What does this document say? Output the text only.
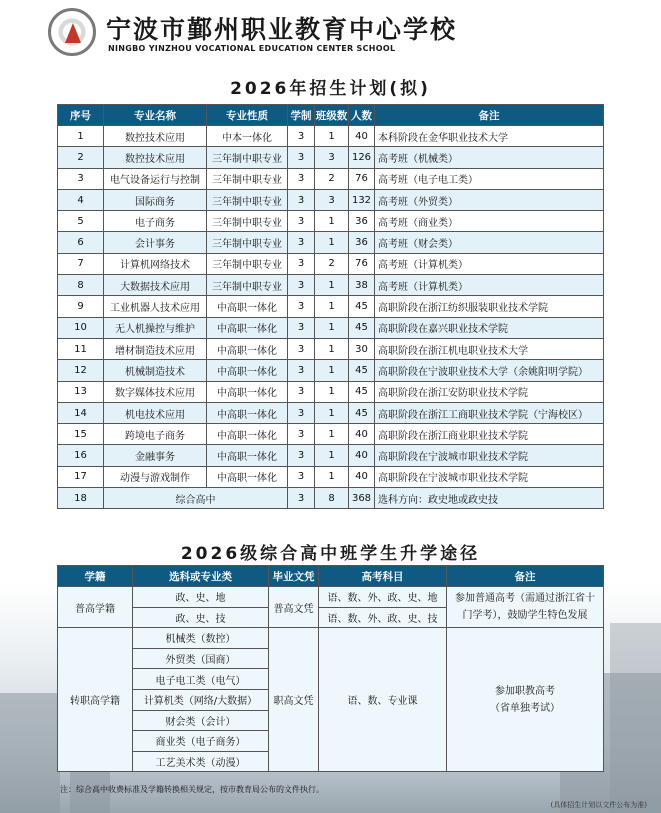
宁波市鄞州职业教育中心学校
NINGBO YINZHOU VOCATIONAL EDUCATION CENTER SCHOOL
2026年招生计划(拟)
序号	专业名称	专业性质	学制	班级数	人数	备注
1	数控技术应用	中本一体化	3	1	40	本科阶段在金华职业技术大学
2	数控技术应用	三年制中职专业	3	3	126	高考班（机械类）
3	电气设备运行与控制	三年制中职专业	3	2	76	高考班（电子电工类）
4	国际商务	三年制中职专业	3	3	132	高考班（外贸类）
5	电子商务	三年制中职专业	3	1	36	高考班（商业类）
6	会计事务	三年制中职专业	3	1	36	高考班（财会类）
7	计算机网络技术	三年制中职专业	3	2	76	高考班（计算机类）
8	大数据技术应用	三年制中职专业	3	1	38	高考班（计算机类）
9	工业机器人技术应用	中高职一体化	3	1	45	高职阶段在浙江纺织服装职业技术学院
10	无人机操控与维护	中高职一体化	3	1	45	高职阶段在嘉兴职业技术学院
11	增材制造技术应用	中高职一体化	3	1	30	高职阶段在浙江机电职业技术大学
12	机械制造技术	中高职一体化	3	1	45	高职阶段在宁波职业技术大学（余姚阳明学院）
13	数字媒体技术应用	中高职一体化	3	1	45	高职阶段在浙江安防职业技术学院
14	机电技术应用	中高职一体化	3	1	45	高职阶段在浙江工商职业技术学院（宁海校区）
15	跨境电子商务	中高职一体化	3	1	40	高职阶段在浙江商业职业技术学院
16	金融事务	中高职一体化	3	1	40	高职阶段在宁波城市职业技术学院
17	动漫与游戏制作	中高职一体化	3	1	40	高职阶段在宁波城市职业技术学院
18	综合高中		3	8	368	选科方向：政史地或政史技
2026级综合高中班学生升学途径
学籍	选科或专业类	毕业文凭	高考科目	备注
普高学籍	政、史、地	普高文凭	语、数、外、政、史、地	参加普通高考（需通过浙江省十门学考），鼓励学生特色发展
	政、史、技		语、数、外、政、史、技	
转职高学籍	机械类（数控）	职高文凭	语、数、专业课	参加职教高考
（省单独考试）

	外贸类（国商）			
	电子电工类（电气）			
	计算机类（网络/大数据）			
	财会类（会计）			
	商业类（电子商务）			
	工艺美术类（动漫）			
注：综合高中收费标准及学籍转换相关规定，按市教育局公布的文件执行。
(具体招生计划以文件公布为准)
